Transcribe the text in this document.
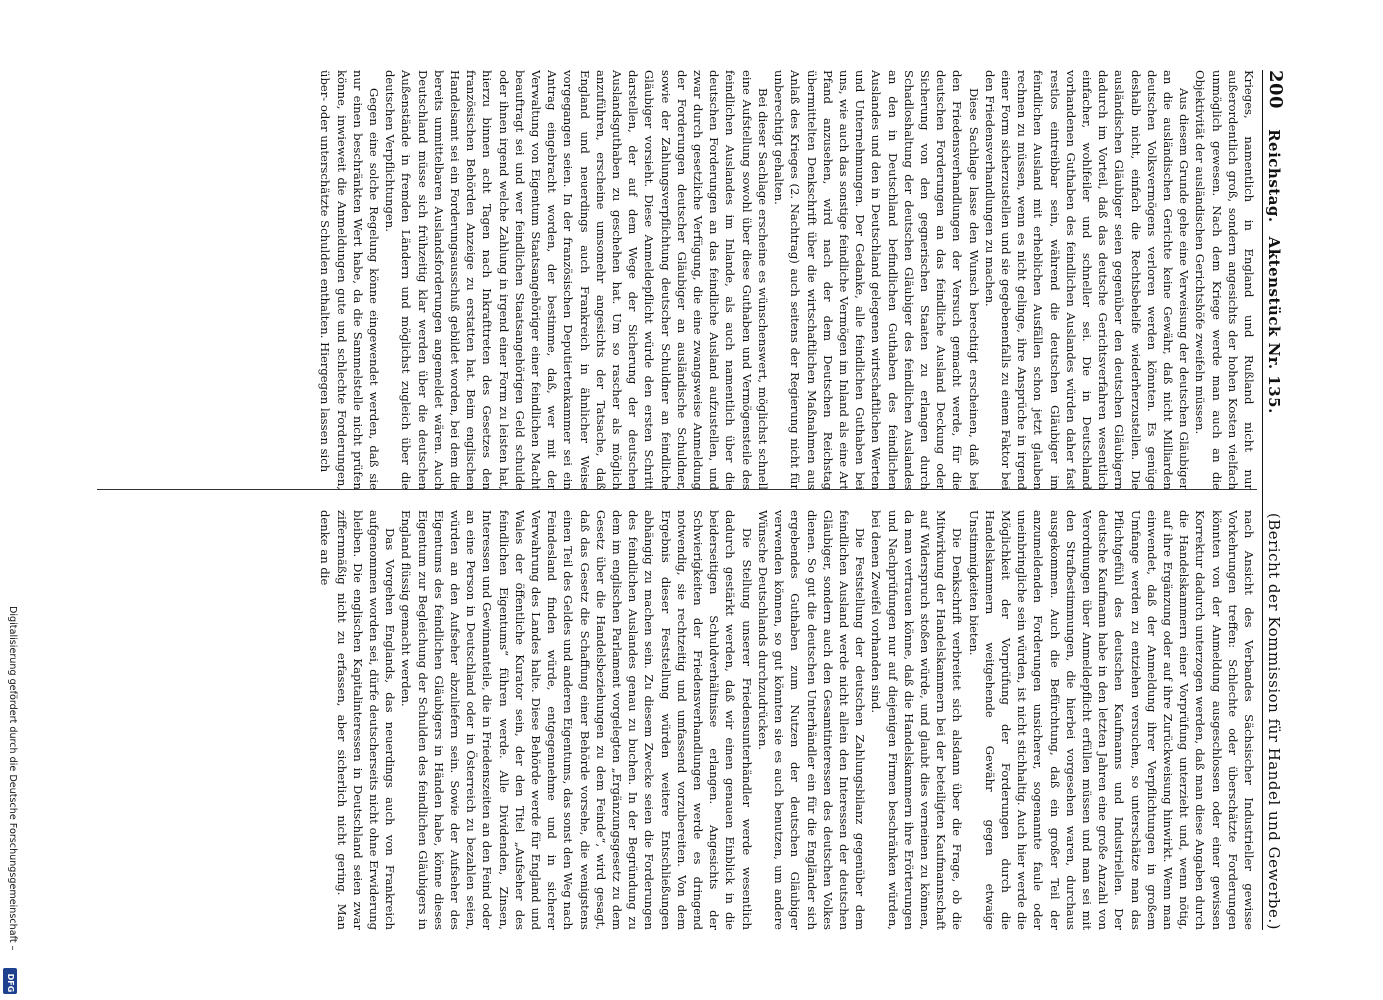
200
Reichstag.
Aktenstück Nr. 135.
(Bericht der Kommission für Handel und Gewerbe.)

Krieges, namentlich in England und Rußland nicht nur außerordentlich groß, sondern angesichts der hohen Kosten vielfach unmöglich gewesen. Nach dem Kriege werde man auch an die Objektivität der ausländischen Gerichtshöfe zweifeln müssen.

Aus diesem Grunde gehe eine Verweisung der deutschen Gläubiger an die ausländischen Gerichte keine Gewähr, daß nicht Milliarden deutschen Volksvermögens verloren werden könnten. Es genüge deshalb nicht, einfach die Rechtsbehelfe wiederherzustellen. Die ausländischen Gläubiger seien gegenüber den deutschen Gläubigern dadurch im Vorteil, daß das deutsche Gerichtsverfahren wesentlich einfacher, wohlfeiler und schneller sei. Die in Deutschland vorhandenen Guthaben des feindlichen Auslandes würden daher fast restlos eintreibbar sein, während die deutschen Gläubiger im feindlichen Ausland mit erheblichen Ausfällen schon jetzt glauben rechnen zu müssen, wenn es nicht gelinge, ihre Ansprüche in irgend einer Form sicherzustellen und sie gegebenenfalls zu einem Faktor bei den Friedensverhandlungen zu machen.

Diese Sachlage lasse den Wunsch berechtigt erscheinen, daß bei den Friedensverhandlungen der Versuch gemacht werde, für die deutschen Forderungen an das feindliche Ausland Deckung oder Sicherung von den gegnerischen Staaten zu erlangen durch Schadloshaltung der deutschen Gläubiger des feindlichen Auslandes an den in Deutschland befindlichen Guthaben des feindlichen Auslandes und den in Deutschland gelegenen wirtschaftlichen Werten und Unternehmungen. Der Gedanke, alle feindlichen Guthaben bei uns, wie auch das sonstige feindliche Vermögen im Inland als eine Art Pfand anzusehen, wird nach der dem Deutschen Reichstag übermittelten Denkschrift über die wirtschaftlichen Maßnahmen aus Anlaß des Krieges (2. Nachtrag) auch seitens der Regierung nicht für unberechtigt gehalten.

Bei dieser Sachlage erscheine es wünschenswert, möglichst schnell eine Aufstellung sowohl über diese Guthaben und Vermögensteile des feindlichen Auslandes im Inlande, als auch namentlich über die deutschen Forderungen an das feindliche Ausland aufzustellen, und zwar durch gesetzliche Verfügung, die eine zwangsweise Anmeldung der Forderungen deutscher Gläubiger an ausländische Schuldner, sowie der Zahlungsverpflichtung deutscher Schuldner an feindliche Gläubiger vorsieht. Diese Anmeldepflicht würde den ersten Schritt darstellen, der auf dem Wege der Sicherung der deutschen Auslandsguthaben zu geschehen hat. Um so rascher als möglich anzuführen, erscheine umsomehr angesichts der Tatsache, daß England und neuerdings auch Frankreich in ähnlicher Weise vorgegangen seien. In der französischen Deputiertenkammer sei ein Antrag eingebracht worden, der bestimme, daß, wer mit der Verwaltung von Eigentum Staatsangehöriger einer feindlichen Macht beauftragt sei und wer feindlichen Staatsangehörigen Geld schulde oder ihnen irgend welche Zahlung in irgend einer Form zu leisten hat, hierzu binnen acht Tagen nach Inkrafttreten des Gesetzes den französischen Behörden Anzeige zu erstatten hat. Beim englischen Handelsamt sei ein Forderungsausschuß gebildet worden, bei dem die bereits unmittelbaren Auslandsforderungen angemeldet wären. Auch Deutschland müsse sich frühzeitig klar werden über die deutschen Außenstände in fremden Ländern und möglichst zugleich über die deutschen Verpflichtungen.

Gegen eine solche Regelung könne eingewendet werden, daß sie nur einen beschränkten Wert habe, da die Sammelstelle nicht prüfen könne, inwieweit die Anmeldungen gute und schlechte Forderungen, über- oder unterschätzte Schulden enthalten. Hiergegen lassen sich

nach Ansicht des Verbandes Sächsischer Industrieller gewisse Vorkehrungen treffen: Schlechte oder überschätzte Forderungen könnten von der Anmeldung ausgeschlossen oder einer gewissen Korrektur dadurch unterzogen werden, daß man diese Angaben durch die Handelskammern einer Vorprüfung unterzieht und, wenn nötig, auf ihre Ergänzung oder auf ihre Zurückweisung hinwirkt. Wenn man einwendet, daß der Anmeldung ihrer Verpflichtungen in großem Umfange werden zu entziehen versuchen, so unterschätze man das Pflichtgefühl des deutschen Kaufmanns und Industriellen. Der deutsche Kaufmann habe in den letzten Jahren eine große Anzahl von Verordnungen über Anmeldepflicht erfüllen müssen und man sei mit den Strafbestimmungen, die hierbei vorgesehen waren, durchaus ausgekommen. Auch die Befürchtung, daß ein großer Teil der anzumeldenden Forderungen unsicherer, sogenannte faule oder uneinbringliche sein würden, ist nicht stichhaltig. Auch hier werde die Möglichkeit der Vorprüfung der Forderungen durch die Handelskammern weitgehende Gewähr gegen etwaige Unstimmigkeiten bieten.

Die Denkschrift verbreitet sich alsdann über die Frage, ob die Mitwirkung der Handelskammern bei der beteiligten Kaufmannschaft auf Widerspruch stoßen würde, und glaubt dies verneinen zu können, da man vertrauen könne, daß die Handelskammern ihre Erörterungen und Nachprüfungen nur auf diejenigen Firmen beschränken würden, bei denen Zweifel vorhanden sind.

Die Feststellung der deutschen Zahlungsbilanz gegenüber dem feindlichen Ausland werde nicht allein den Interessen der deutschen Gläubiger, sondern auch den Gesamtinteressen des deutschen Volkes dienen. So gut die deutschen Unterhändler ein für die Engländer sich ergebendes Guthaben zum Nutzen der deutschen Gläubiger verwenden können, so gut könnten sie es auch benutzen, um andere Wünsche Deutschlands durchzudrücken.

Die Stellung unserer Friedensunterhändler werde wesentlich dadurch gestärkt werden, daß wir einen genauen Einblick in die beiderseitigen Schuldverhältnisse erlangen. Angesichts der Schwierigkeiten der Friedensverhandlungen werde es dringend notwendig, sie rechtzeitig und umfassend vorzubereiten. Von dem Ergebnis dieser Feststellung würden weitere Entschließungen abhängig zu machen sein. Zu diesem Zwecke seien die Forderungen des feindlichen Auslandes genau zu buchen. In der Begründung zu dem im englischen Parlament vorgelegten „Ergänzungsgesetz zu dem Gesetz über die Handelsbeziehungen zu dem Feinde“, wird gesagt, daß das Gesetz die Schaffung einer Behörde vorsehe, die wenigstens einen Teil des Geldes und anderen Eigentums, das sonst den Weg nach Feindesland finden würde, entgegennehme und in sicherer Verwahrung des Landes halte. Diese Behörde werde für England und Wales der öffentliche Kurator sein, der den Titel „Aufseher des feindlichen Eigentums“ führen werde. Alle Dividenden, Zinsen, Interessen und Gewinnanteile, die in Friedenszeiten an den Feind oder an eine Person in Deutschland oder in Österreich zu bezahlen seien, würden an den Aufseher abzuliefern sein. Sowie der Aufseher des Eigentums des feindlichen Gläubigers in Händen habe, könne dieses Eigentum zur Begleichung der Schulden des feindlichen Gläubigers in England flüssig gemacht werden.

Das Vorgehen Englands, das neuerdings auch von Frankreich aufgenommen worden sei, dürfe deutscherseits nicht ohne Erwiderung bleiben. Die englischen Kapitalinteressen in Deutschland seien zwar ziffernmäßig nicht zu erfassen, aber sicherlich nicht gering. Man denke an die

Digitalisierung gefördert durch die Deutsche Forschungsgemeinschaft –
DFG
